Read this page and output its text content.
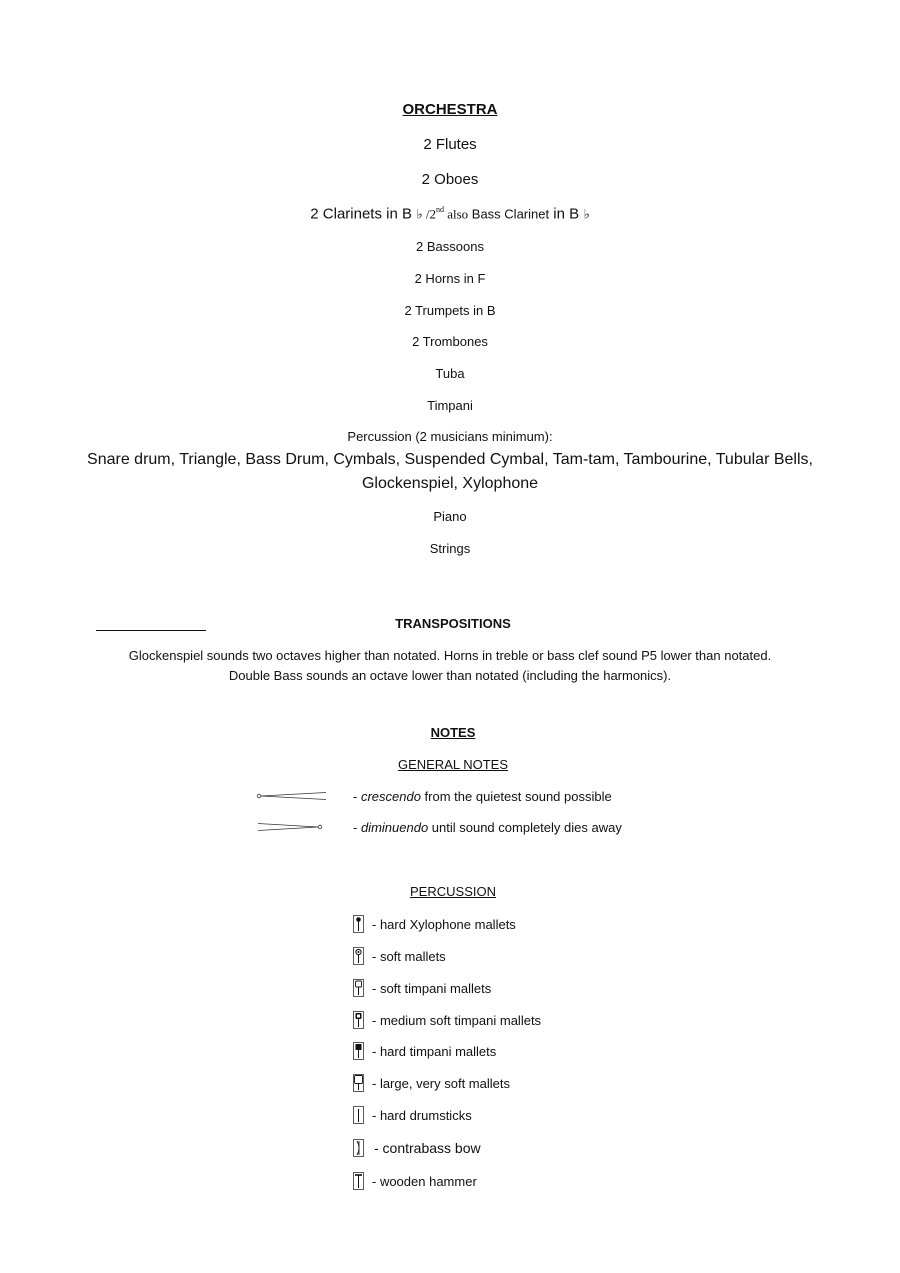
ORCHESTRA
2 Flutes
2 Oboes
2 Clarinets in B ♭ /2nd also Bass Clarinet in B ♭
2 Bassoons
2 Horns in F
2 Trumpets in B
2 Trombones
Tuba
Timpani
Percussion (2 musicians minimum):
Snare drum, Triangle, Bass Drum, Cymbals, Suspended Cymbal, Tam-tam, Tambourine, Tubular Bells,
Glockenspiel, Xylophone
Piano
Strings
TRANSPOSITIONS
Glockenspiel sounds two octaves higher than notated. Horns in treble or bass clef sound P5 lower than notated.
Double Bass sounds an octave lower than notated (including the harmonics).
NOTES
GENERAL NOTES
- crescendo from the quietest sound possible
- diminuendo until sound completely dies away
PERCUSSION
- hard Xylophone mallets
- soft mallets
- soft timpani mallets
- medium soft timpani mallets
- hard timpani mallets
- large, very soft mallets
- hard drumsticks
- contrabass bow
- wooden hammer
